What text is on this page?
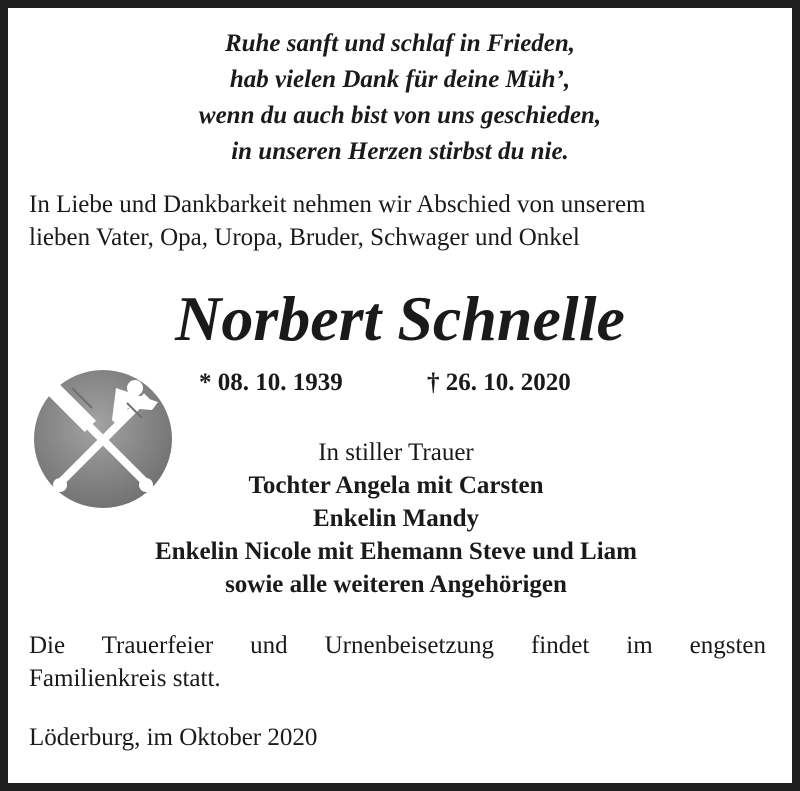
Ruhe sanft und schlaf in Frieden,
hab vielen Dank für deine Müh’,
wenn du auch bist von uns geschieden,
in unseren Herzen stirbst du nie.
In Liebe und Dankbarkeit nehmen wir Abschied von unserem
lieben Vater, Opa, Uropa, Bruder, Schwager und Onkel
Norbert Schnelle
* 08. 10. 1939	† 26. 10. 2020
In stiller Trauer
Tochter Angela mit Carsten
Enkelin Mandy
Enkelin Nicole mit Ehemann Steve und Liam
sowie alle weiteren Angehörigen
Die Trauerfeier und Urnenbeisetzung findet im engsten
Familienkreis statt.
Löderburg, im Oktober 2020
